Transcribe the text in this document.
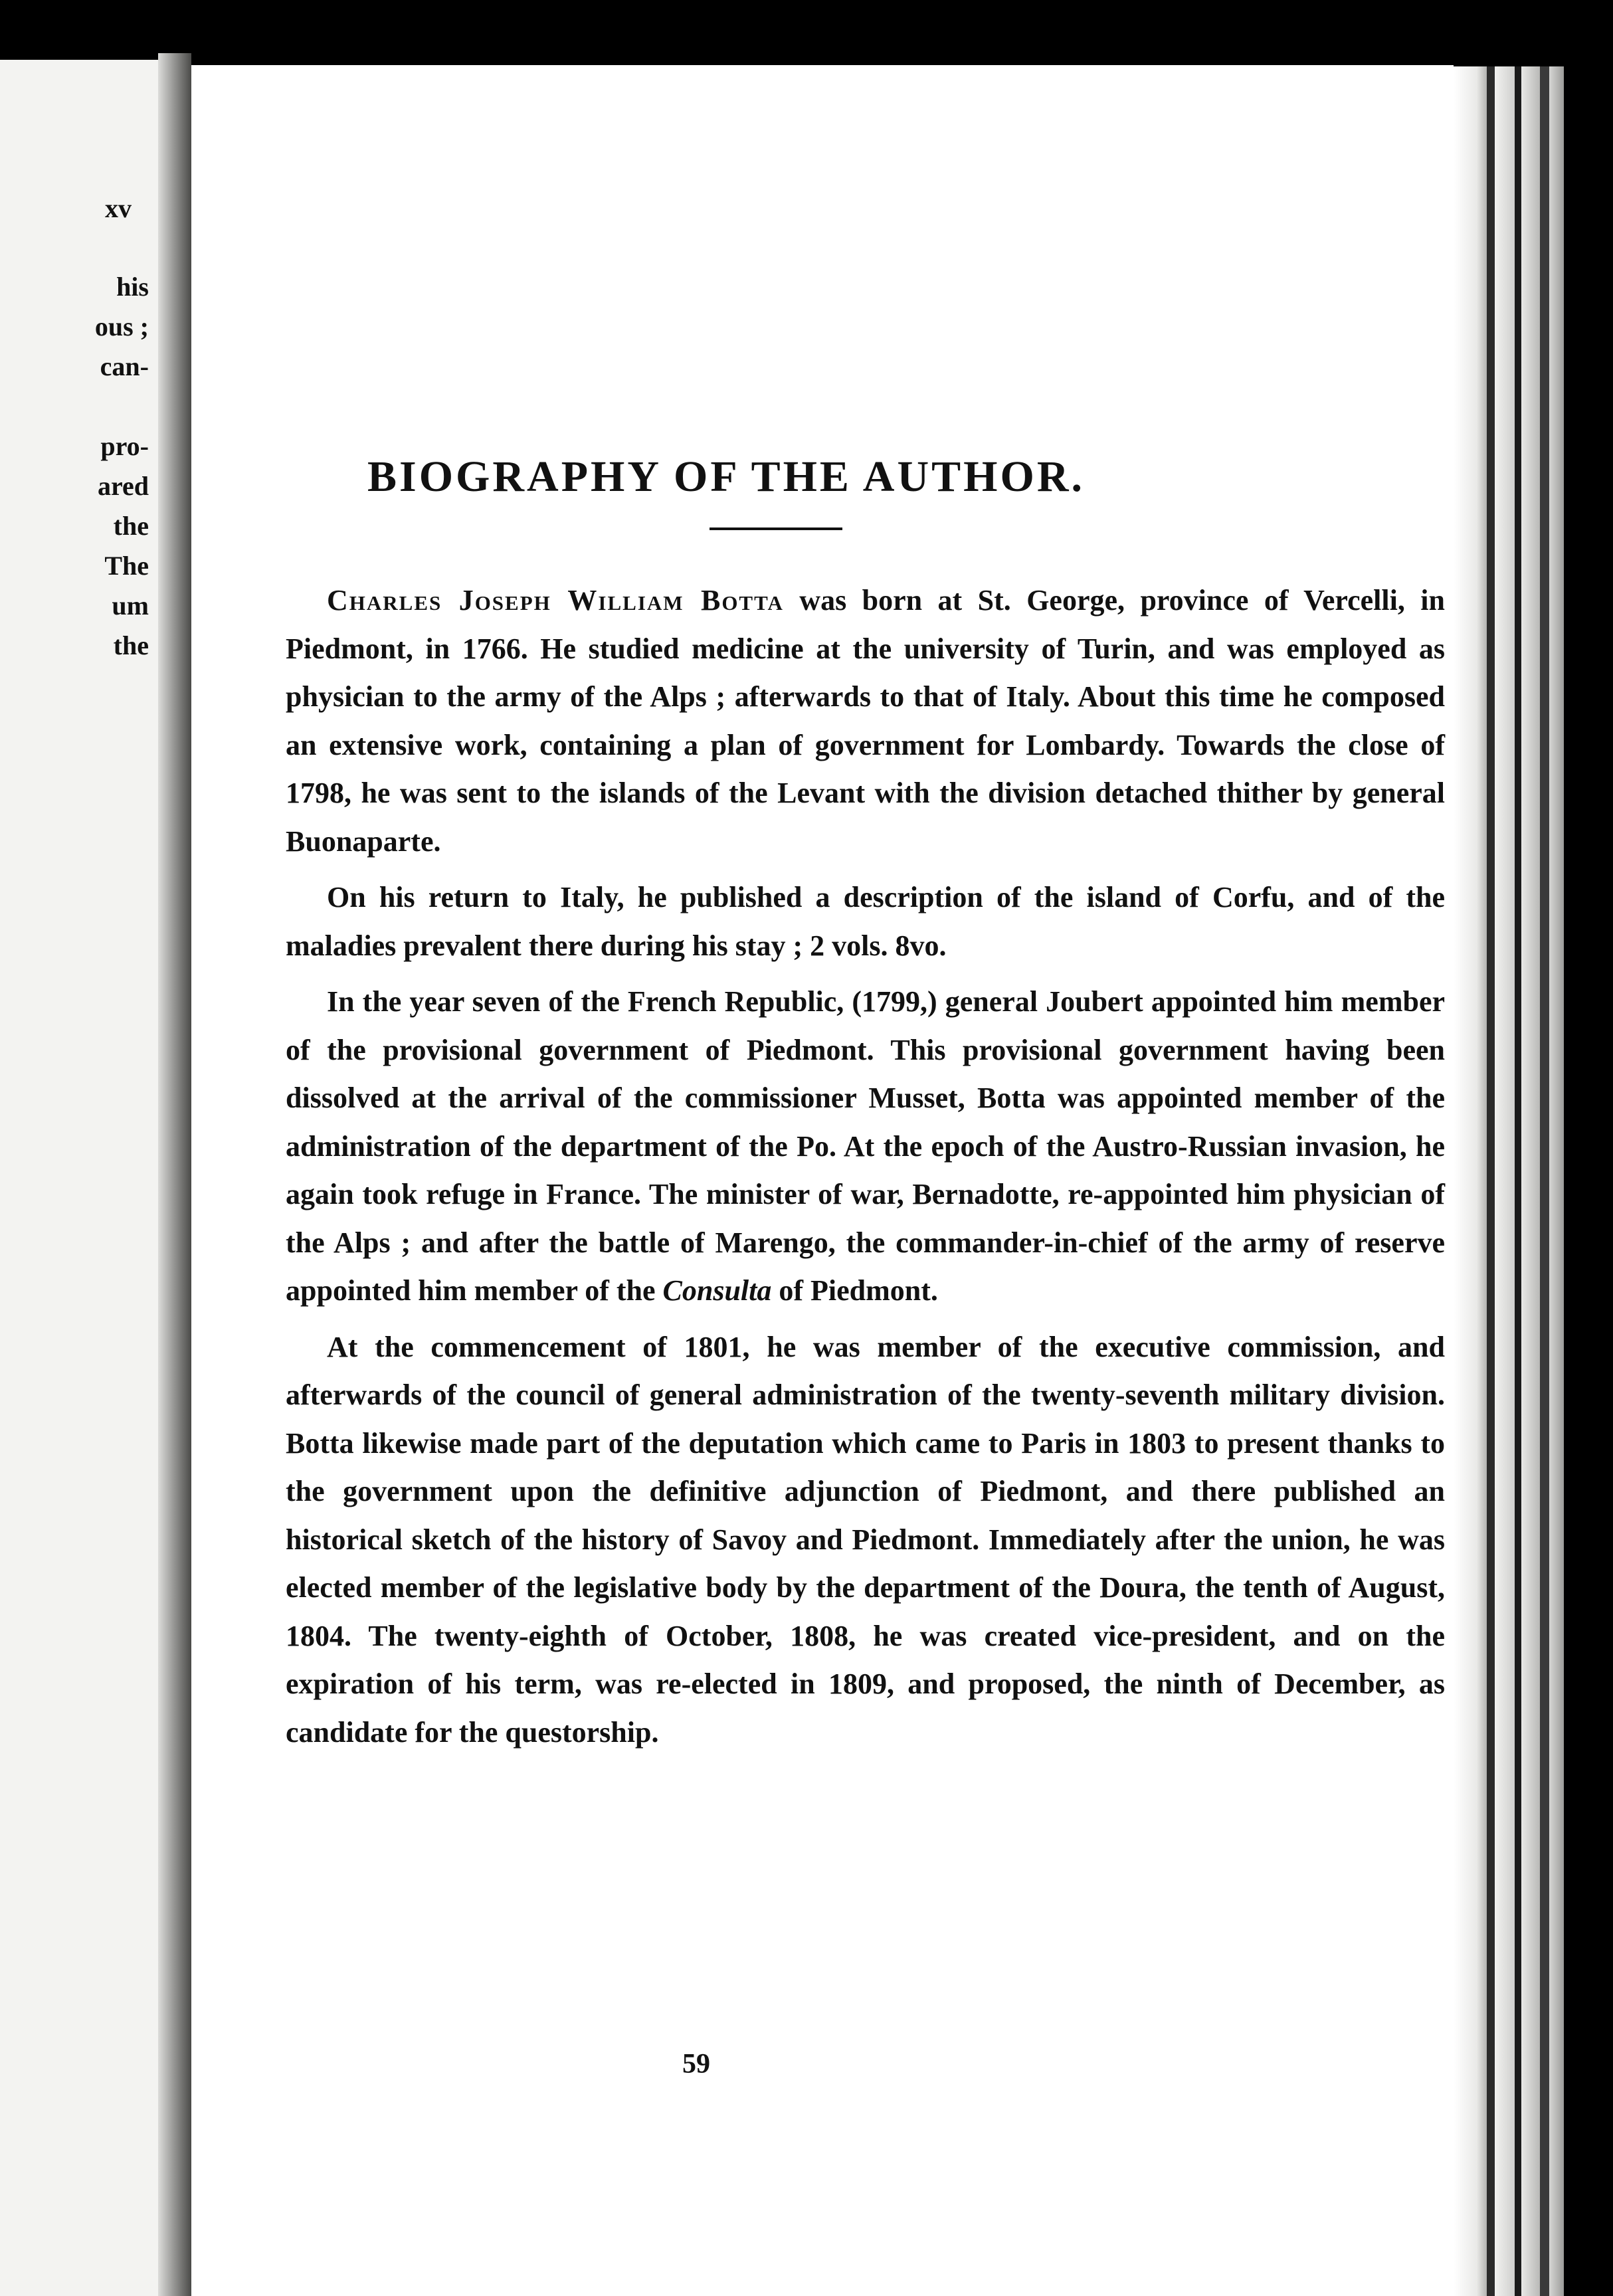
xv
his
ous ;
can-
pro-
ared
the
The
um
the
BIOGRAPHY OF THE AUTHOR.

Charles Joseph William Botta was born at St. George, province of Vercelli, in Piedmont, in 1766. He studied medicine at the university of Turin, and was employed as physician to the army of the Alps ; afterwards to that of Italy. About this time he composed an extensive work, containing a plan of government for Lombardy. Towards the close of 1798, he was sent to the islands of the Levant with the division detached thither by general Buonaparte.

On his return to Italy, he published a description of the island of Corfu, and of the maladies prevalent there during his stay ; 2 vols. 8vo.

In the year seven of the French Republic, (1799,) general Joubert appointed him member of the provisional government of Piedmont. This provisional government having been dissolved at the arrival of the commissioner Musset, Botta was appointed member of the administration of the department of the Po. At the epoch of the Austro-Russian invasion, he again took refuge in France. The minister of war, Bernadotte, re-appointed him physician of the Alps ; and after the battle of Marengo, the commander-in-chief of the army of reserve appointed him member of the Consulta of Piedmont.

At the commencement of 1801, he was member of the executive commission, and afterwards of the council of general administration of the twenty-seventh military division. Botta likewise made part of the deputation which came to Paris in 1803 to present thanks to the government upon the definitive adjunction of Piedmont, and there published an historical sketch of the history of Savoy and Piedmont. Immediately after the union, he was elected member of the legislative body by the department of the Doura, the tenth of August, 1804. The twenty-eighth of October, 1808, he was created vice-president, and on the expiration of his term, was re-elected in 1809, and proposed, the ninth of December, as candidate for the questorship.

59
